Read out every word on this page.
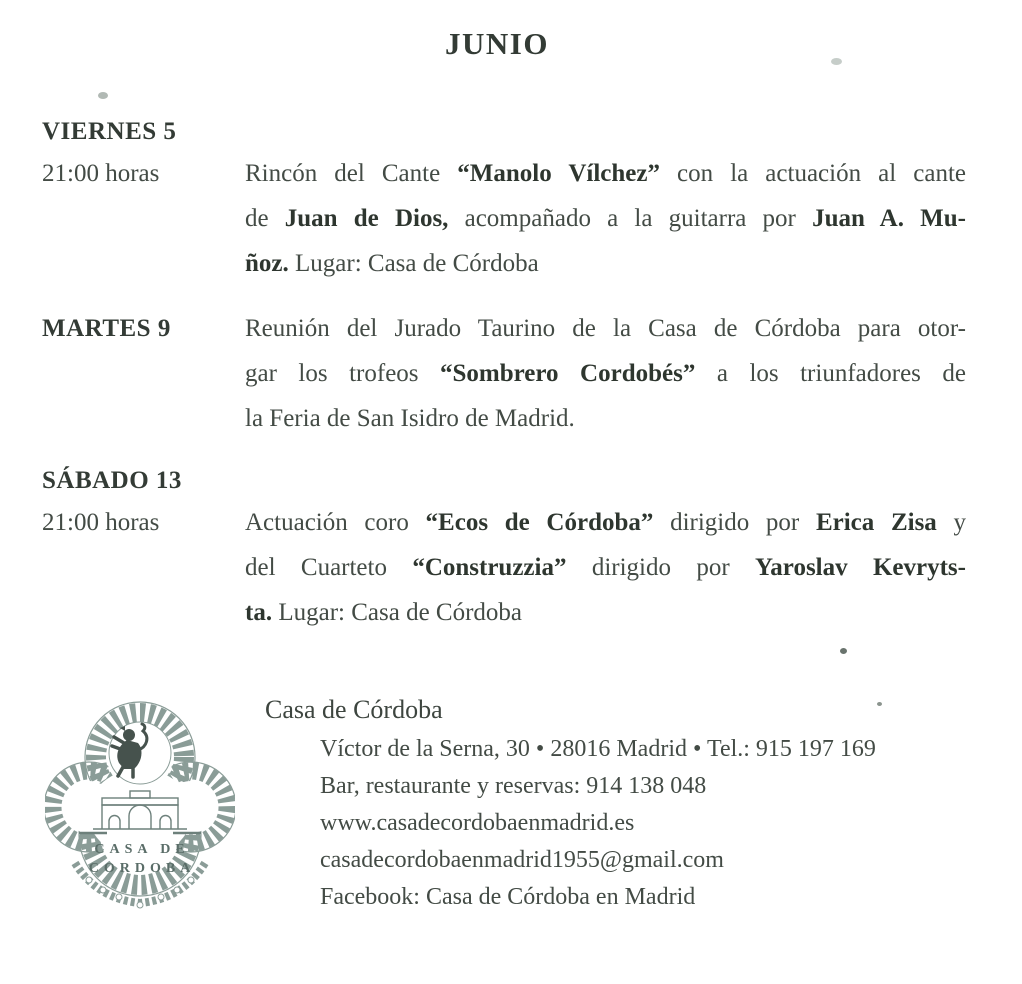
JUNIO
VIERNES 5
21:00 horas	Rincón del Cante “Manolo Vílchez” con la actuación al cante
de Juan de Dios, acompañado a la guitarra por Juan A. Mu-
ñoz. Lugar: Casa de Córdoba
MARTES 9	Reunión del Jurado Taurino de la Casa de Córdoba para otor-
gar los trofeos “Sombrero Cordobés” a los triunfadores de
la Feria de San Isidro de Madrid.
SÁBADO 13
21:00 horas	Actuación coro “Ecos de Córdoba” dirigido por Erica Zisa y
del Cuarteto “Construzzia” dirigido por Yaroslav Kevryts-
ta. Lugar: Casa de Córdoba
CASA DE
CORDOBA
Casa de Córdoba
Víctor de la Serna, 30 • 28016 Madrid • Tel.: 915 197 169
Bar, restaurante y reservas: 914 138 048
www.casadecordobaenmadrid.es
casadecordobaenmadrid1955@gmail.com
Facebook: Casa de Córdoba en Madrid
